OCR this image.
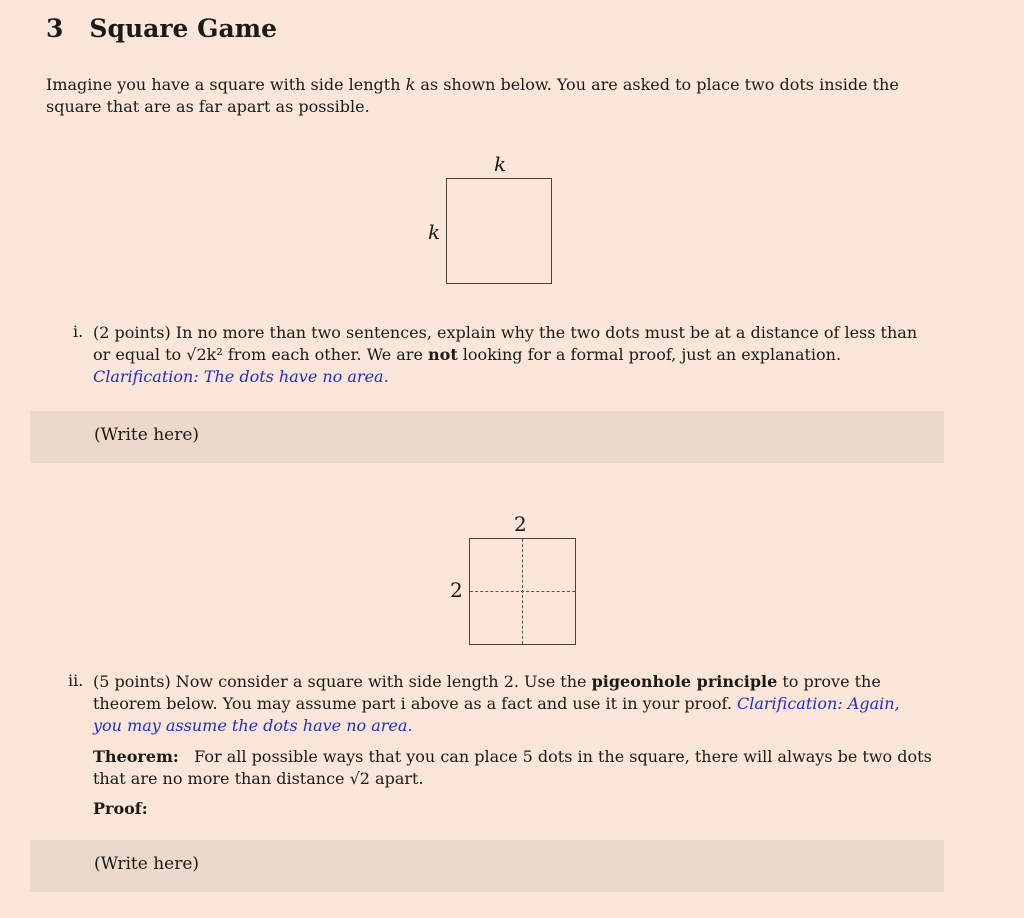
3 Square Game
Imagine you have a square with side length k as shown below. You are asked to place two dots inside the square that are as far apart as possible.
k
k
i. (2 points) In no more than two sentences, explain why the two dots must be at a distance of less than or equal to √2k² from each other. We are not looking for a formal proof, just an explanation.
Clarification: The dots have no area.
(Write here)
2
2
ii. (5 points) Now consider a square with side length 2. Use the pigeonhole principle to prove the theorem below. You may assume part i above as a fact and use it in your proof. Clarification: Again, you may assume the dots have no area.
Theorem: For all possible ways that you can place 5 dots in the square, there will always be two dots that are no more than distance √2 apart.
Proof:
(Write here)
